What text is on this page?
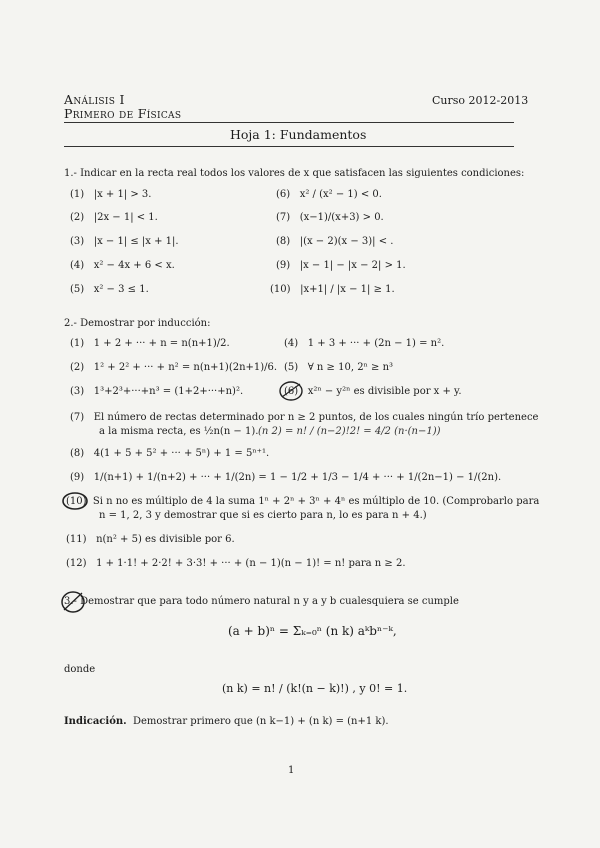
Análisis I
Primero de Físicas
Curso 2012-2013
Hoja 1: Fundamentos
1.- Indicar en la recta real todos los valores de x que satisfacen las siguientes condiciones:
(1) |x + 1| > 3.
(2) |2x − 1| < 1.
(3) |x − 1| ≤ |x + 1|.
(4) x² − 4x + 6 < x.
(5) x² − 3 ≤ 1.
(6) x² / (x² − 1) < 0.
(7) (x−1)/(x+3) > 0.
(8) |(x − 2)(x − 3)| < .
(9) |x − 1| − |x − 2| > 1.
(10) |x+1| / |x − 1| ≥ 1.
2.- Demostrar por inducción:
(1) 1 + 2 + ··· + n = n(n+1)/2.	(4) 1 + 3 + ··· + (2n − 1) = n².
(2) 1² + 2² + ··· + n² = n(n+1)(2n+1)/6. (5) ∀ n ≥ 10, 2ⁿ ≥ n³
(3) 1³+2³+···+n³ = (1+2+···+n)².	(6) x²ⁿ − y²ⁿ es divisible por x + y.
(7) El número de rectas determinado por n ≥ 2 puntos, de los cuales ningún trío pertenece
a la misma recta, es ½n(n − 1). (n 2) = n! / (n−2)!2! = 4/2 (n·(n−1))
(8) 4(1 + 5 + 5² + ··· + 5ⁿ) + 1 = 5ⁿ⁺¹.
(9) 1/(n+1) + 1/(n+2) + ··· + 1/(2n) = 1 − 1/2 + 1/3 − 1/4 + ··· + 1/(2n−1) − 1/(2n).
(10) Si n no es múltiplo de 4 la suma 1ⁿ + 2ⁿ + 3ⁿ + 4ⁿ es múltiplo de 10. (Comprobarlo para
n = 1, 2, 3 y demostrar que si es cierto para n, lo es para n + 4.)
(11) n(n² + 5) es divisible por 6.
(12) 1 + 1·1! + 2·2! + 3·3! + ··· + (n − 1)(n − 1)! = n! para n ≥ 2.
3.- Demostrar que para todo número natural n y a y b cualesquiera se cumple
(a + b)ⁿ = Σₖ₌₀ⁿ (n k) aᵏbⁿ⁻ᵏ,
donde
(n k) = n! / (k!(n − k)!) , y 0! = 1.
Indicación. Demostrar primero que (n k−1) + (n k) = (n+1 k).
1
